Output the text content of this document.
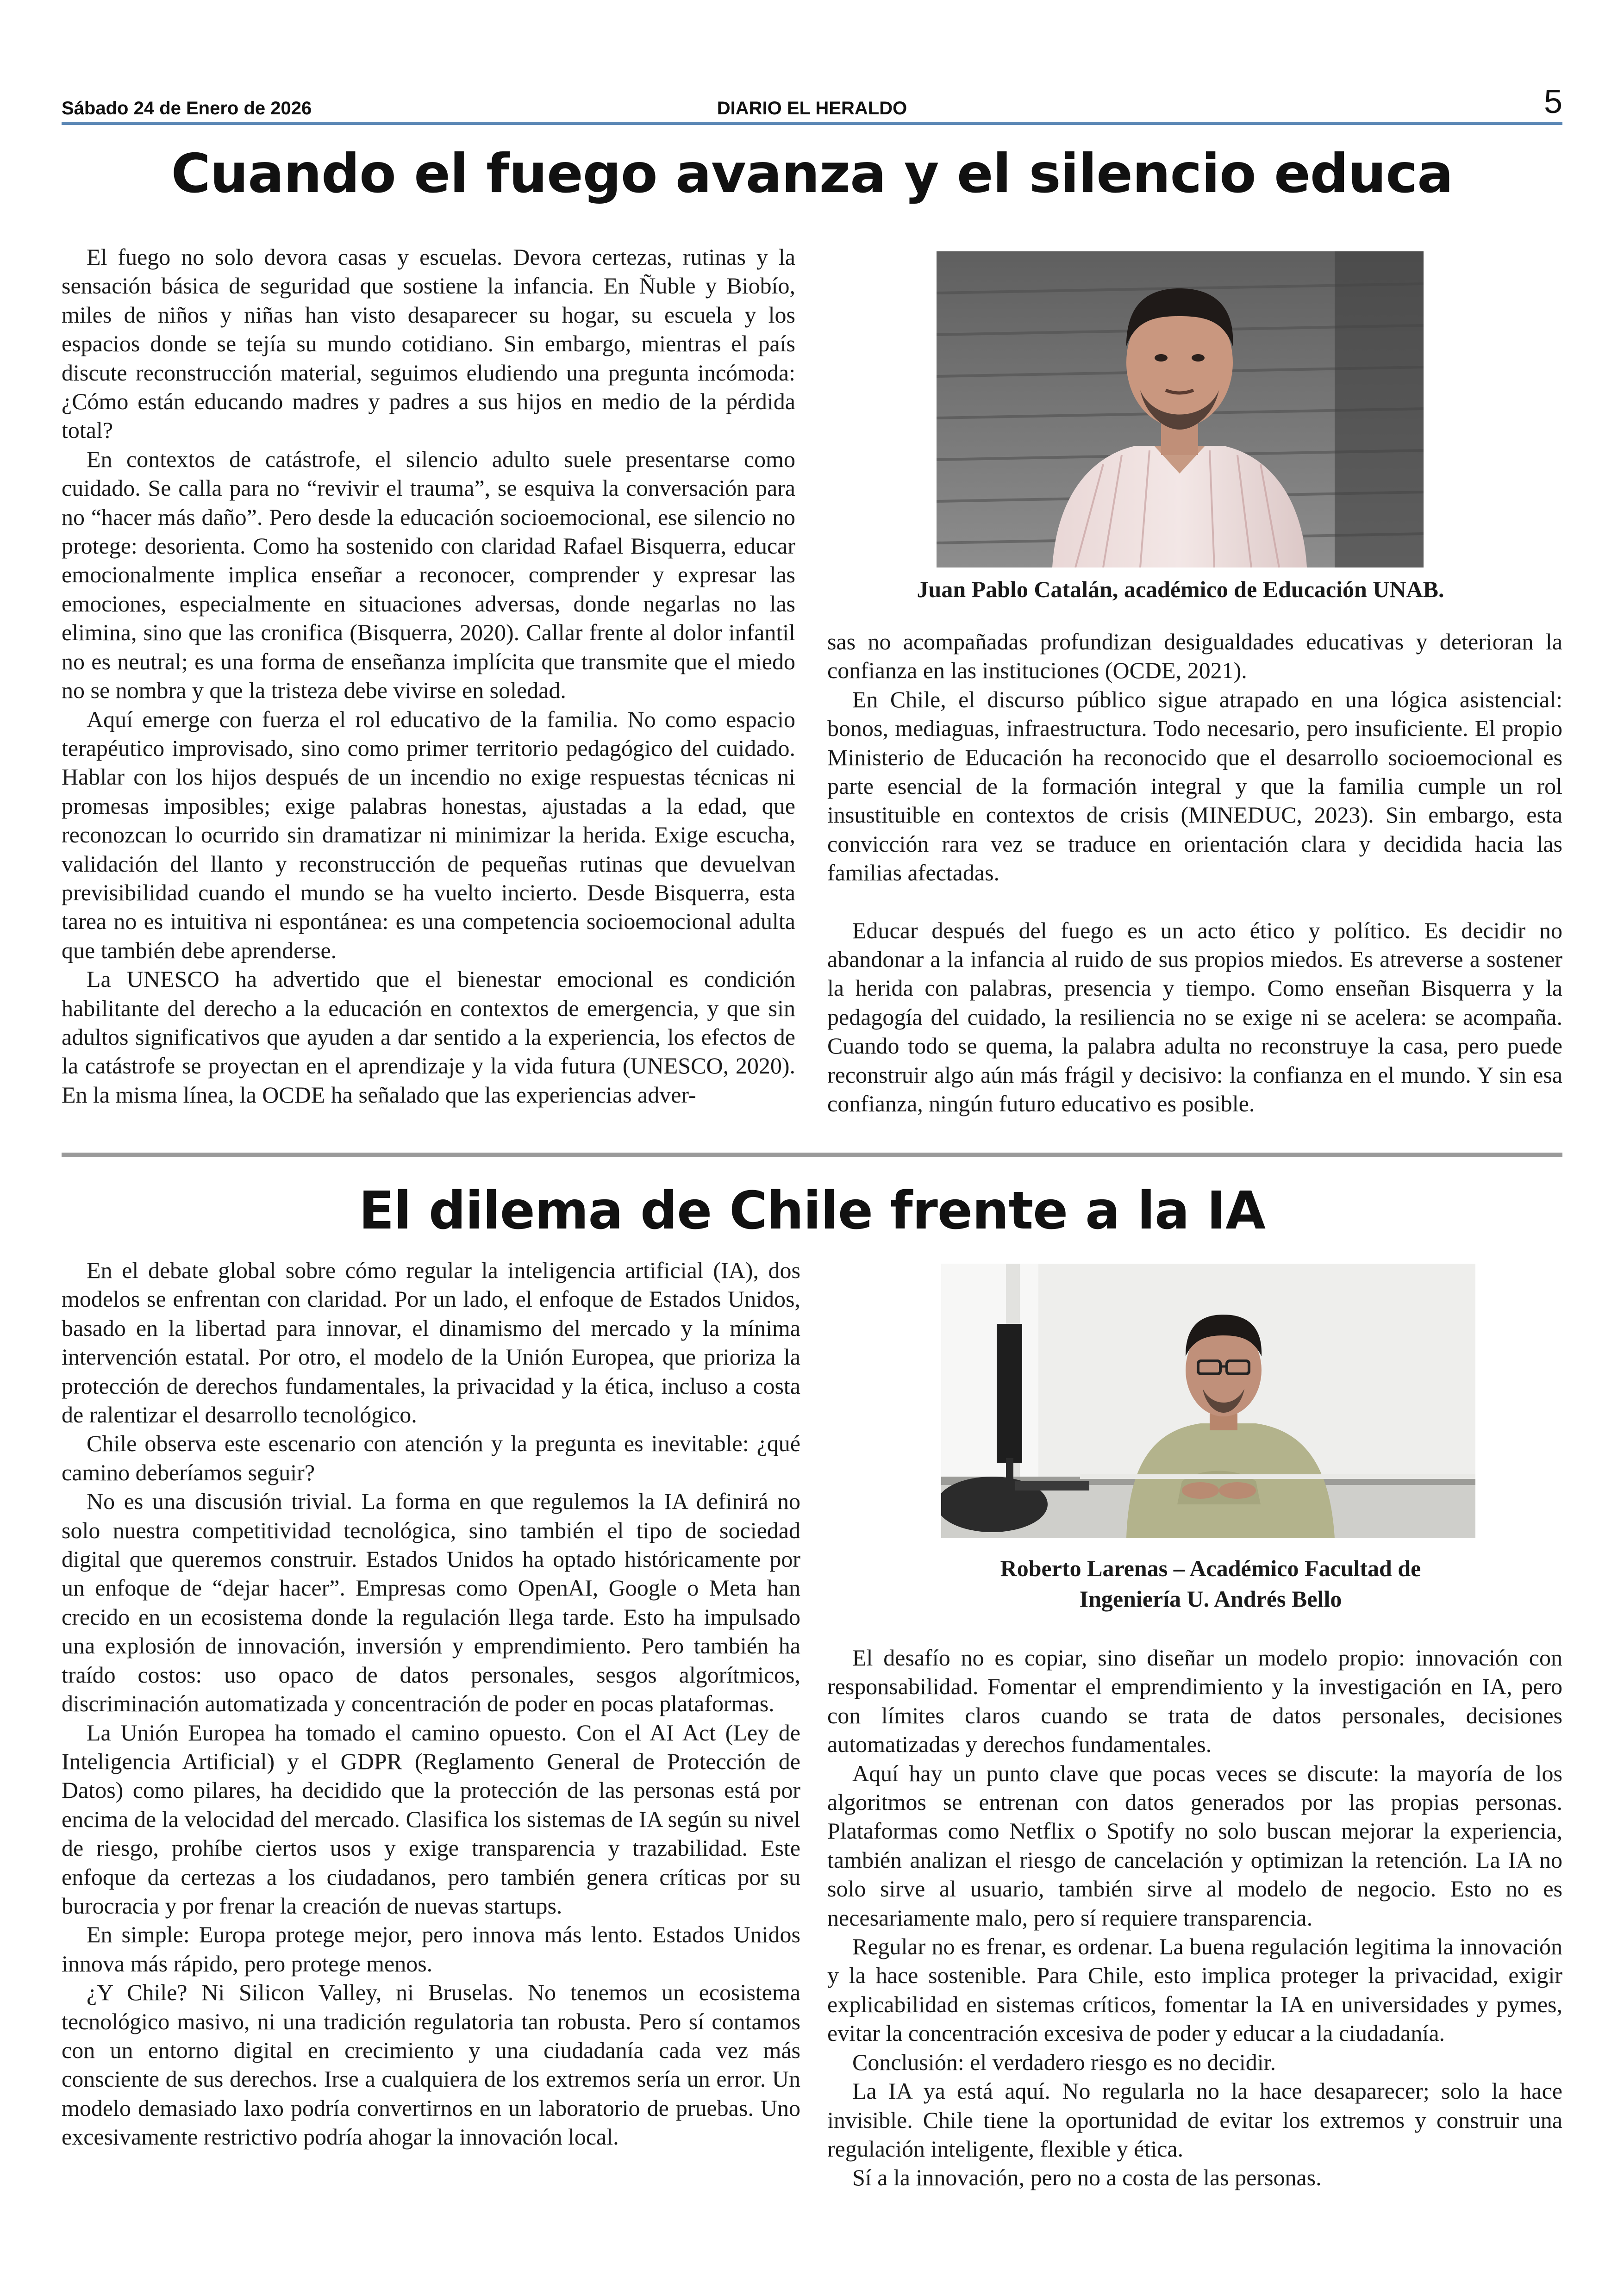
DIARIO EL HERALDO
Sábado 24 de Enero de 2026	5
Cuando el fuego avanza y el silencio educa

El fuego no solo devora casas y escuelas. Devora certezas, rutinas y la sensación básica de seguridad que sostiene la infancia. En Ñuble y Biobío, miles de niños y niñas han visto desaparecer su hogar, su escuela y los espacios donde se tejía su mundo cotidiano. Sin embargo, mientras el país discute reconstrucción material, seguimos eludiendo una pregunta incómoda: ¿Cómo están educando madres y padres a sus hijos en medio de la pérdida total?

En contextos de catástrofe, el silencio adulto suele presentarse como cuidado. Se calla para no “revivir el trauma”, se esquiva la conversación para no “hacer más daño”. Pero desde la educación socioemocional, ese silencio no protege: desorienta. Como ha sostenido con claridad Rafael Bisquerra, educar emocionalmente implica enseñar a reconocer, comprender y expresar las emociones, especialmente en situaciones adversas, donde negarlas no las elimina, sino que las cronifica (Bisquerra, 2020). Callar frente al dolor infantil no es neutral; es una forma de enseñanza implícita que transmite que el miedo no se nombra y que la tristeza debe vivirse en soledad.

Aquí emerge con fuerza el rol educativo de la familia. No como espacio terapéutico improvisado, sino como primer territorio pedagógico del cuidado. Hablar con los hijos después de un incendio no exige respuestas técnicas ni promesas imposibles; exige palabras honestas, ajustadas a la edad, que reconozcan lo ocurrido sin dramatizar ni minimizar la herida. Exige escucha, validación del llanto y reconstrucción de pequeñas rutinas que devuelvan previsibilidad cuando el mundo se ha vuelto incierto. Desde Bisquerra, esta tarea no es intuitiva ni espontánea: es una competencia socioemocional adulta que también debe aprenderse.

La UNESCO ha advertido que el bienestar emocional es condición habilitante del derecho a la educación en contextos de emergencia, y que sin adultos significativos que ayuden a dar sentido a la experiencia, los efectos de la catástrofe se proyectan en el aprendizaje y la vida futura (UNESCO, 2020). En la misma línea, la OCDE ha señalado que las experiencias adver-

Juan Pablo Catalán, académico de Educación UNAB.

sas no acompañadas profundizan desigualdades educativas y deterioran la confianza en las instituciones (OCDE, 2021).

En Chile, el discurso público sigue atrapado en una lógica asistencial: bonos, mediaguas, infraestructura. Todo necesario, pero insuficiente. El propio Ministerio de Educación ha reconocido que el desarrollo socioemocional es parte esencial de la formación integral y que la familia cumple un rol insustituible en contextos de crisis (MINEDUC, 2023). Sin embargo, esta convicción rara vez se traduce en orientación clara y decidida hacia las familias afectadas.

Educar después del fuego es un acto ético y político. Es decidir no abandonar a la infancia al ruido de sus propios miedos. Es atreverse a sostener la herida con palabras, presencia y tiempo. Como enseñan Bisquerra y la pedagogía del cuidado, la resiliencia no se exige ni se acelera: se acompaña. Cuando todo se quema, la palabra adulta no reconstruye la casa, pero puede reconstruir algo aún más frágil y decisivo: la confianza en el mundo. Y sin esa confianza, ningún futuro educativo es posible.

El dilema de Chile frente a la IA

En el debate global sobre cómo regular la inteligencia artificial (IA), dos modelos se enfrentan con claridad. Por un lado, el enfoque de Estados Unidos, basado en la libertad para innovar, el dinamismo del mercado y la mínima intervención estatal. Por otro, el modelo de la Unión Europea, que prioriza la protección de derechos fundamentales, la privacidad y la ética, incluso a costa de ralentizar el desarrollo tecnológico.

Chile observa este escenario con atención y la pregunta es inevitable: ¿qué camino deberíamos seguir?

No es una discusión trivial. La forma en que regulemos la IA definirá no solo nuestra competitividad tecnológica, sino también el tipo de sociedad digital que queremos construir. Estados Unidos ha optado históricamente por un enfoque de “dejar hacer”. Empresas como OpenAI, Google o Meta han crecido en un ecosistema donde la regulación llega tarde. Esto ha impulsado una explosión de innovación, inversión y emprendimiento. Pero también ha traído costos: uso opaco de datos personales, sesgos algorítmicos, discriminación automatizada y concentración de poder en pocas plataformas.

La Unión Europea ha tomado el camino opuesto. Con el AI Act (Ley de Inteligencia Artificial) y el GDPR (Reglamento General de Protección de Datos) como pilares, ha decidido que la protección de las personas está por encima de la velocidad del mercado. Clasifica los sistemas de IA según su nivel de riesgo, prohíbe ciertos usos y exige transparencia y trazabilidad. Este enfoque da certezas a los ciudadanos, pero también genera críticas por su burocracia y por frenar la creación de nuevas startups.

En simple: Europa protege mejor, pero innova más lento. Estados Unidos innova más rápido, pero protege menos.

¿Y Chile? Ni Silicon Valley, ni Bruselas. No tenemos un ecosistema tecnológico masivo, ni una tradición regulatoria tan robusta. Pero sí contamos con un entorno digital en crecimiento y una ciudadanía cada vez más consciente de sus derechos. Irse a cualquiera de los extremos sería un error. Un modelo demasiado laxo podría convertirnos en un laboratorio de pruebas. Uno excesivamente restrictivo podría ahogar la innovación local.

Roberto Larenas – Académico Facultad de
Ingeniería U. Andrés Bello

El desafío no es copiar, sino diseñar un modelo propio: innovación con responsabilidad. Fomentar el emprendimiento y la investigación en IA, pero con límites claros cuando se trata de datos personales, decisiones automatizadas y derechos fundamentales.

Aquí hay un punto clave que pocas veces se discute: la mayoría de los algoritmos se entrenan con datos generados por las propias personas. Plataformas como Netflix o Spotify no solo buscan mejorar la experiencia, también analizan el riesgo de cancelación y optimizan la retención. La IA no solo sirve al usuario, también sirve al modelo de negocio. Esto no es necesariamente malo, pero sí requiere transparencia.

Regular no es frenar, es ordenar. La buena regulación legitima la innovación y la hace sostenible. Para Chile, esto implica proteger la privacidad, exigir explicabilidad en sistemas críticos, fomentar la IA en universidades y pymes, evitar la concentración excesiva de poder y educar a la ciudadanía.

Conclusión: el verdadero riesgo es no decidir.

La IA ya está aquí. No regularla no la hace desaparecer; solo la hace invisible. Chile tiene la oportunidad de evitar los extremos y construir una regulación inteligente, flexible y ética.

Sí a la innovación, pero no a costa de las personas.
